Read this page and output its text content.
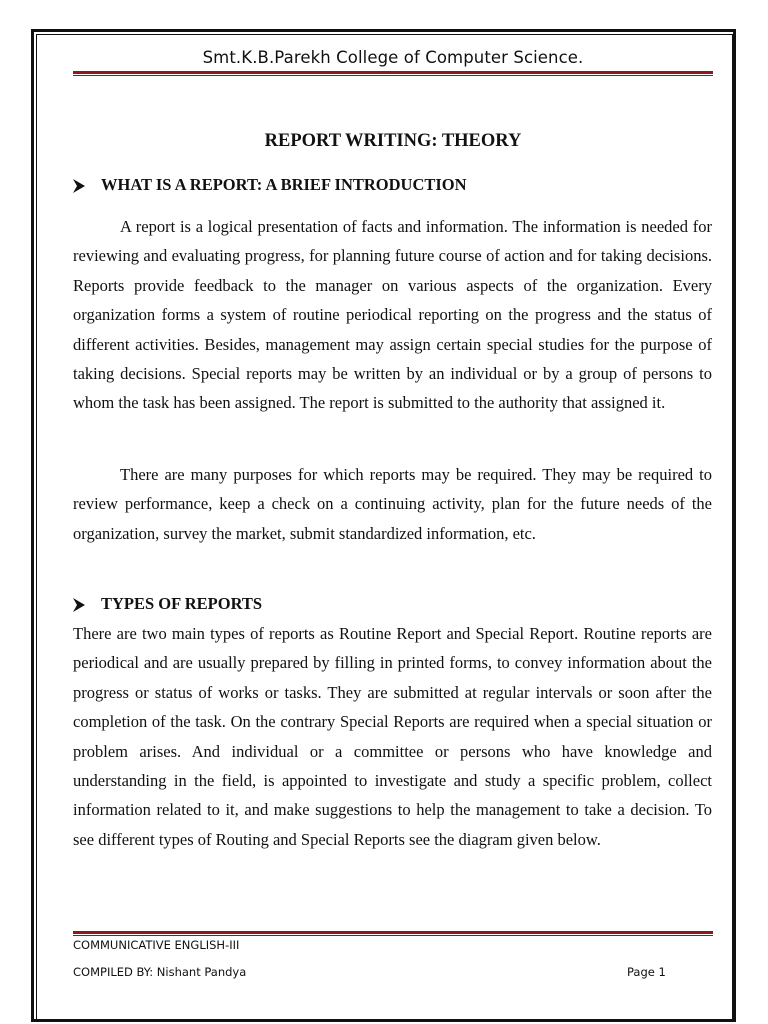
Smt.K.B.Parekh College of Computer Science.
REPORT WRITING: THEORY
WHAT IS A REPORT: A BRIEF INTRODUCTION

A report is a logical presentation of facts and information. The information is needed for reviewing and evaluating progress, for planning future course of action and for taking decisions. Reports provide feedback to the manager on various aspects of the organization. Every organization forms a system of routine periodical reporting on the progress and the status of different activities. Besides, management may assign certain special studies for the purpose of taking decisions. Special reports may be written by an individual or by a group of persons to whom the task has been assigned. The report is submitted to the authority that assigned it.

There are many purposes for which reports may be required. They may be required to review performance, keep a check on a continuing activity, plan for the future needs of the organization, survey the market, submit standardized information, etc.

TYPES OF REPORTS

There are two main types of reports as Routine Report and Special Report. Routine reports are periodical and are usually prepared by filling in printed forms, to convey information about the progress or status of works or tasks. They are submitted at regular intervals or soon after the completion of the task. On the contrary Special Reports are required when a special situation or problem arises. And individual or a committee or persons who have knowledge and understanding in the field, is appointed to investigate and study a specific problem, collect information related to it, and make suggestions to help the management to take a decision. To see different types of Routing and Special Reports see the diagram given below.

COMMUNICATIVE ENGLISH-III
COMPILED BY: Nishant Pandya	Page 1
